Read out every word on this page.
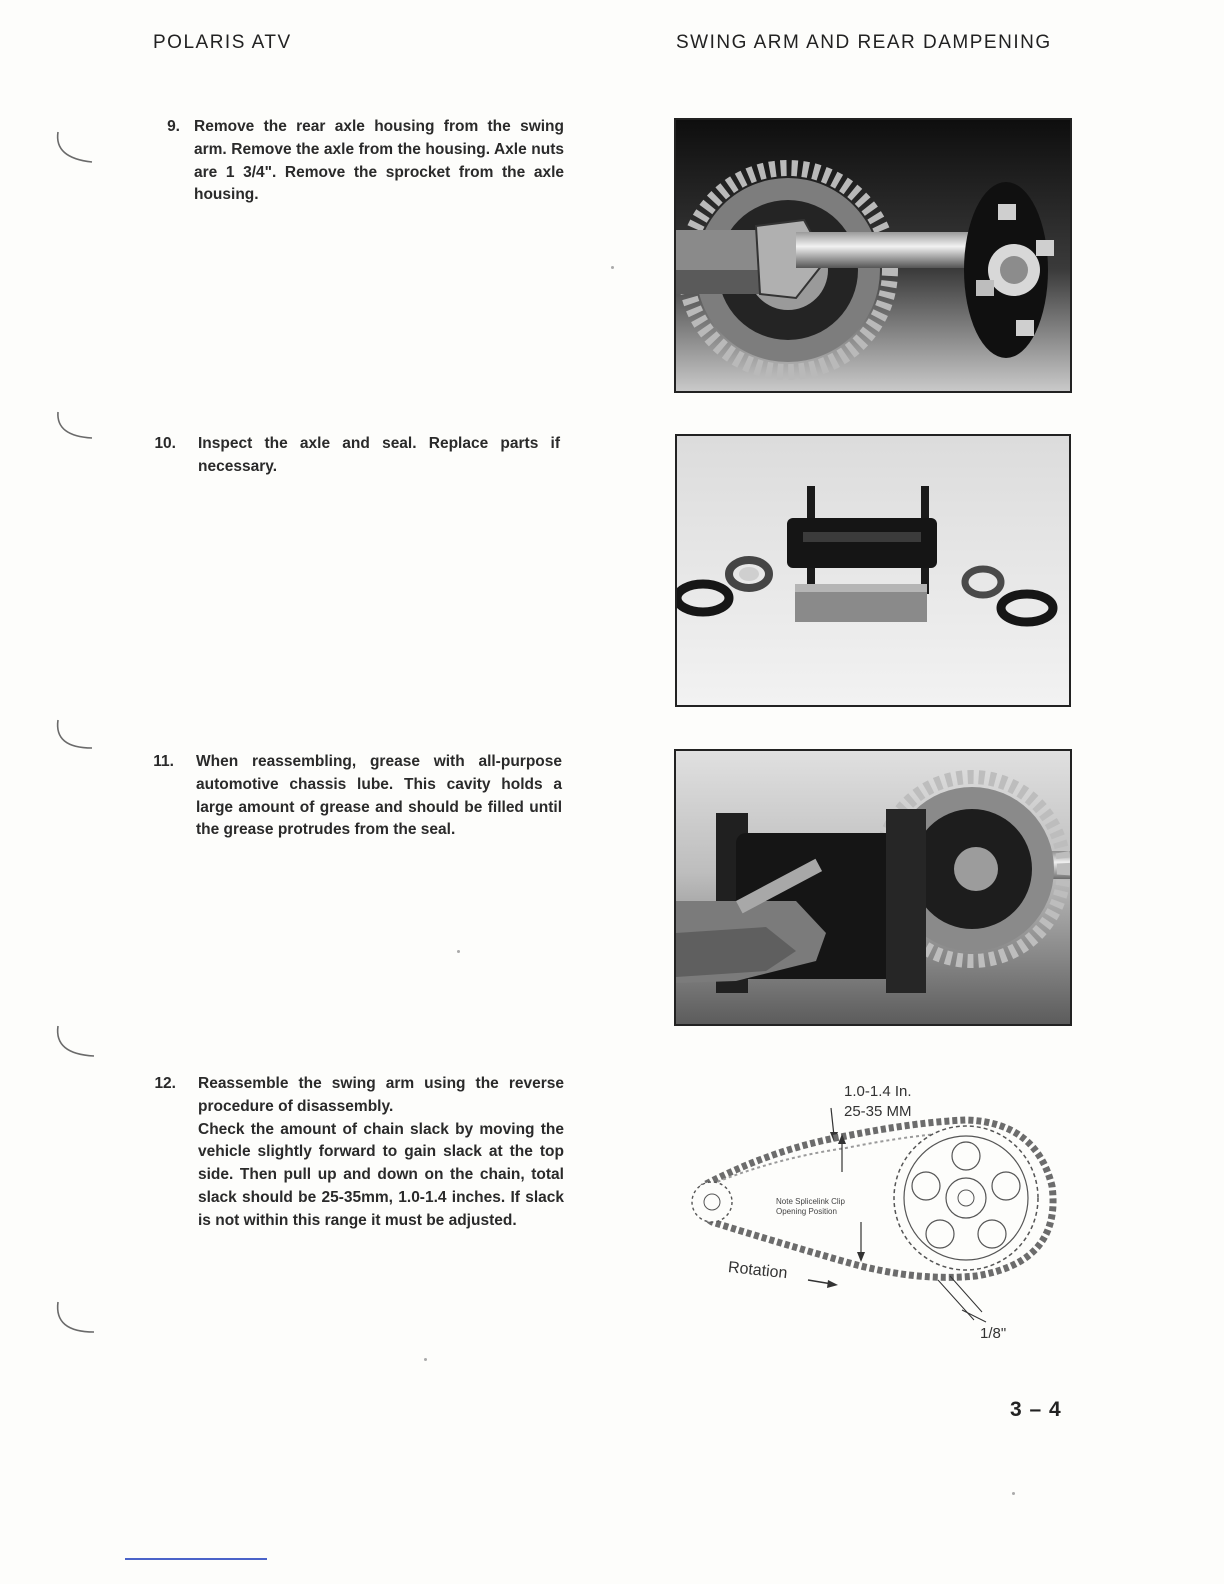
POLARIS ATV	SWING ARM AND REAR DAMPENING
9. Remove the rear axle housing from the swing arm. Remove the axle from the housing. Axle nuts are 1 3/4". Remove the sprocket from the axle housing.

10. Inspect the axle and seal. Replace parts if necessary.

11. When reassembling, grease with all-purpose automotive chassis lube. This cavity holds a large amount of grease and should be filled until the grease protrudes from the seal.

12. Reassemble the swing arm using the reverse procedure of disassembly.

Check the amount of chain slack by moving the vehicle slightly forward to gain slack at the top side. Then pull up and down on the chain, total slack should be 25-35mm, 1.0-1.4 inches. If slack is not within this range it must be adjusted.

1.0-1.4 In.
25-35 MM
Note Splicelink Clip
Opening Position
Rotation
1/8"
3 – 4
